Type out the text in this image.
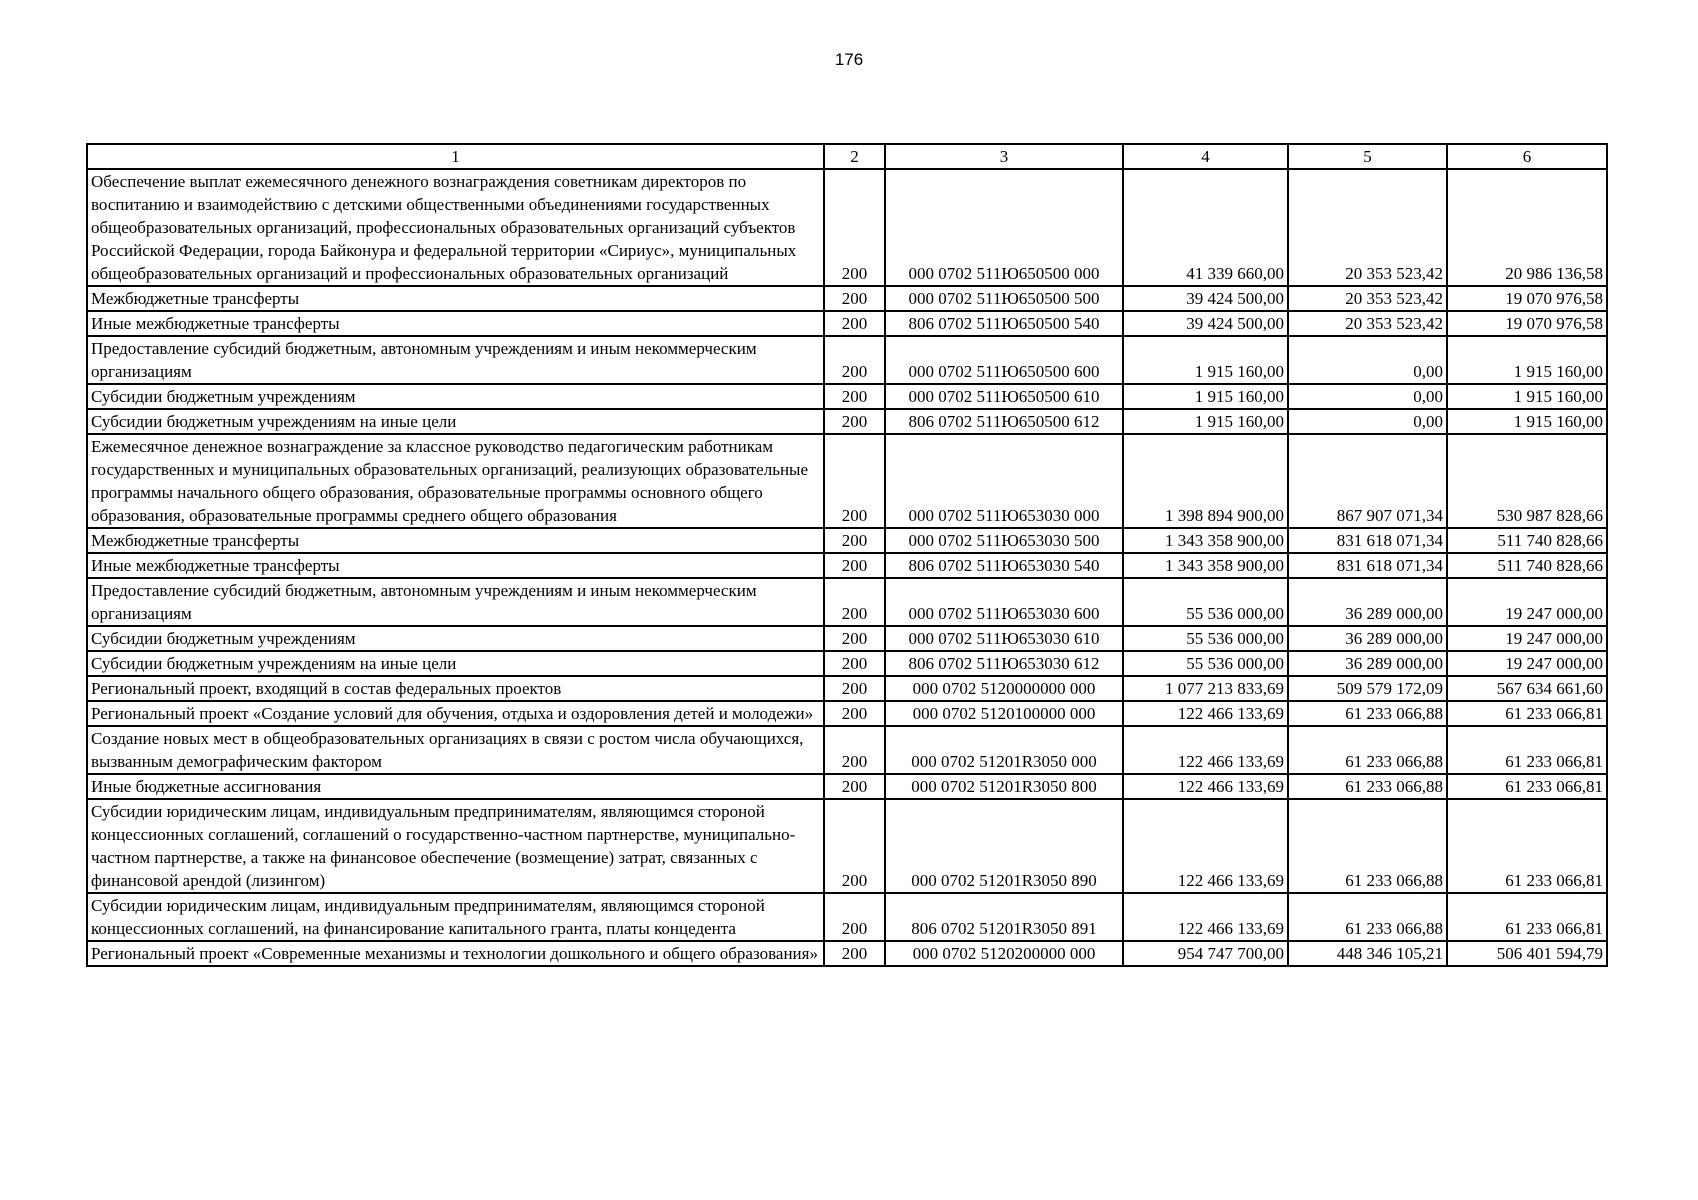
176
1	2	3	4	5	6
Обеспечение выплат ежемесячного денежного вознаграждения советникам директоров по воспитанию и взаимодействию с детскими общественными объединениями государственных общеобразовательных организаций, профессиональных образовательных организаций субъектов Российской Федерации, города Байконура и федеральной территории «Сириус», муниципальных общеобразовательных организаций и профессиональных образовательных организаций	200	000 0702 511Ю650500 000	41 339 660,00	20 353 523,42	20 986 136,58
Межбюджетные трансферты	200	000 0702 511Ю650500 500	39 424 500,00	20 353 523,42	19 070 976,58
Иные межбюджетные трансферты	200	806 0702 511Ю650500 540	39 424 500,00	20 353 523,42	19 070 976,58
Предоставление субсидий бюджетным, автономным учреждениям и иным некоммерческим организациям	200	000 0702 511Ю650500 600	1 915 160,00	0,00	1 915 160,00
Субсидии бюджетным учреждениям	200	000 0702 511Ю650500 610	1 915 160,00	0,00	1 915 160,00
Субсидии бюджетным учреждениям на иные цели	200	806 0702 511Ю650500 612	1 915 160,00	0,00	1 915 160,00
Ежемесячное денежное вознаграждение за классное руководство педагогическим работникам государственных и муниципальных образовательных организаций, реализующих образовательные программы начального общего образования, образовательные программы основного общего образования, образовательные программы среднего общего образования	200	000 0702 511Ю653030 000	1 398 894 900,00	867 907 071,34	530 987 828,66
Межбюджетные трансферты	200	000 0702 511Ю653030 500	1 343 358 900,00	831 618 071,34	511 740 828,66
Иные межбюджетные трансферты	200	806 0702 511Ю653030 540	1 343 358 900,00	831 618 071,34	511 740 828,66
Предоставление субсидий бюджетным, автономным учреждениям и иным некоммерческим организациям	200	000 0702 511Ю653030 600	55 536 000,00	36 289 000,00	19 247 000,00
Субсидии бюджетным учреждениям	200	000 0702 511Ю653030 610	55 536 000,00	36 289 000,00	19 247 000,00
Субсидии бюджетным учреждениям на иные цели	200	806 0702 511Ю653030 612	55 536 000,00	36 289 000,00	19 247 000,00
Региональный проект, входящий в состав федеральных проектов	200	000 0702 5120000000 000	1 077 213 833,69	509 579 172,09	567 634 661,60
Региональный проект «Создание условий для обучения, отдыха и оздоровления детей и молодежи»	200	000 0702 5120100000 000	122 466 133,69	61 233 066,88	61 233 066,81
Создание новых мест в общеобразовательных организациях в связи с ростом числа обучающихся, вызванным демографическим фактором	200	000 0702 51201R3050 000	122 466 133,69	61 233 066,88	61 233 066,81
Иные бюджетные ассигнования	200	000 0702 51201R3050 800	122 466 133,69	61 233 066,88	61 233 066,81
Субсидии юридическим лицам, индивидуальным предпринимателям, являющимся стороной концессионных соглашений, соглашений о государственно-частном партнерстве, муниципально-частном партнерстве, а также на финансовое обеспечение (возмещение) затрат, связанных с финансовой арендой (лизингом)	200	000 0702 51201R3050 890	122 466 133,69	61 233 066,88	61 233 066,81
Субсидии юридическим лицам, индивидуальным предпринимателям, являющимся стороной концессионных соглашений, на финансирование капитального гранта, платы концедента	200	806 0702 51201R3050 891	122 466 133,69	61 233 066,88	61 233 066,81
Региональный проект «Современные механизмы и технологии дошкольного и общего образования»	200	000 0702 5120200000 000	954 747 700,00	448 346 105,21	506 401 594,79
